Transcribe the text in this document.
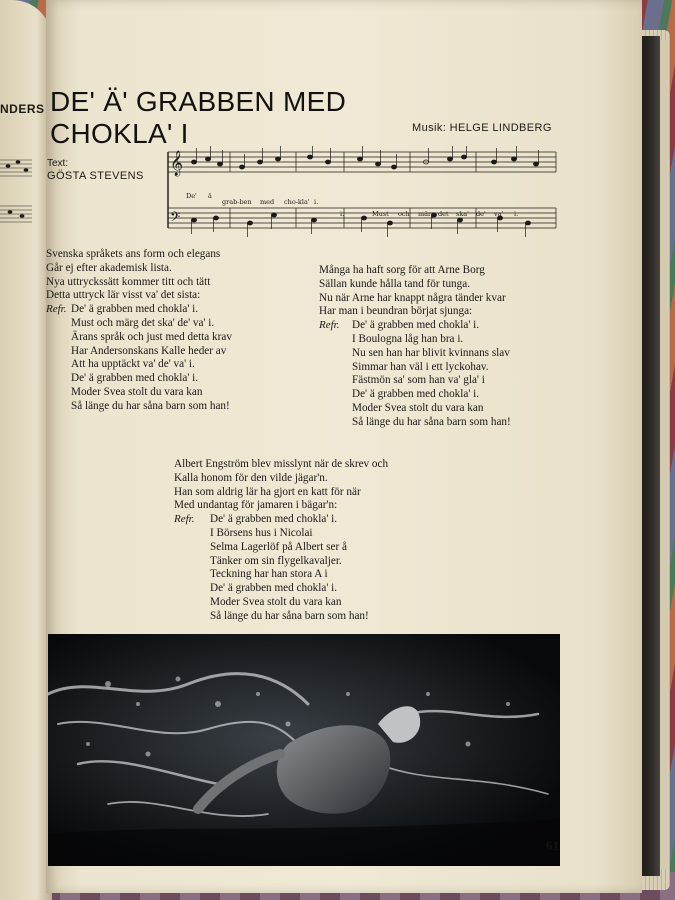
NDERS DE' Ä' GRABBEN MED CHOKLA' I	Musik: HELGE LINDBERG
Text:
GÖSTA STEVENS 𝄞
𝄢
De' ä
grab-ben med cho-kla' i.
i.	Must och märg det ska' de' va' i.
Svenska språkets ans form och elegans
Går ej efter akademisk lista.
Nya uttryckssätt kommer titt och tätt
Detta uttryck lär visst va' det sista:
Refr. De' ä grabben med chokla' i.
Must och märg det ska' de' va' i.
Ärans språk och just med detta krav
Har Andersonskans Kalle heder av
Att ha upptäckt va' de' va' i.
De' ä grabben med chokla' i.
Moder Svea stolt du vara kan
Så länge du har såna barn som han!
Många ha haft sorg för att Arne Borg
Sällan kunde hålla tand för tunga.
Nu när Arne har knappt några tänder kvar
Har man i beundran börjat sjunga:
Refr. De' ä grabben med chokla' i.
I Boulogna låg han bra i.
Nu sen han har blivit kvinnans slav
Simmar han väl i ett lyckohav.
Fästmön sa' som han va' gla' i
De' ä grabben med chokla' i.
Moder Svea stolt du vara kan
Så länge du har såna barn som han!
Albert Engström blev misslynt när de skrev och
Kalla honom för den vilde jägar'n.
Han som aldrig lär ha gjort en katt för när
Med undantag för jamaren i bägar'n:
Refr. De' ä grabben med chokla' i.
I Börsens hus i Nicolai
Selma Lagerlöf på Albert ser å
Tänker om sin flygelkavaljer.
Teckning har han stora A i
De' ä grabben med chokla' i.
Moder Svea stolt du vara kan
Så länge du har såna barn som han!
61
